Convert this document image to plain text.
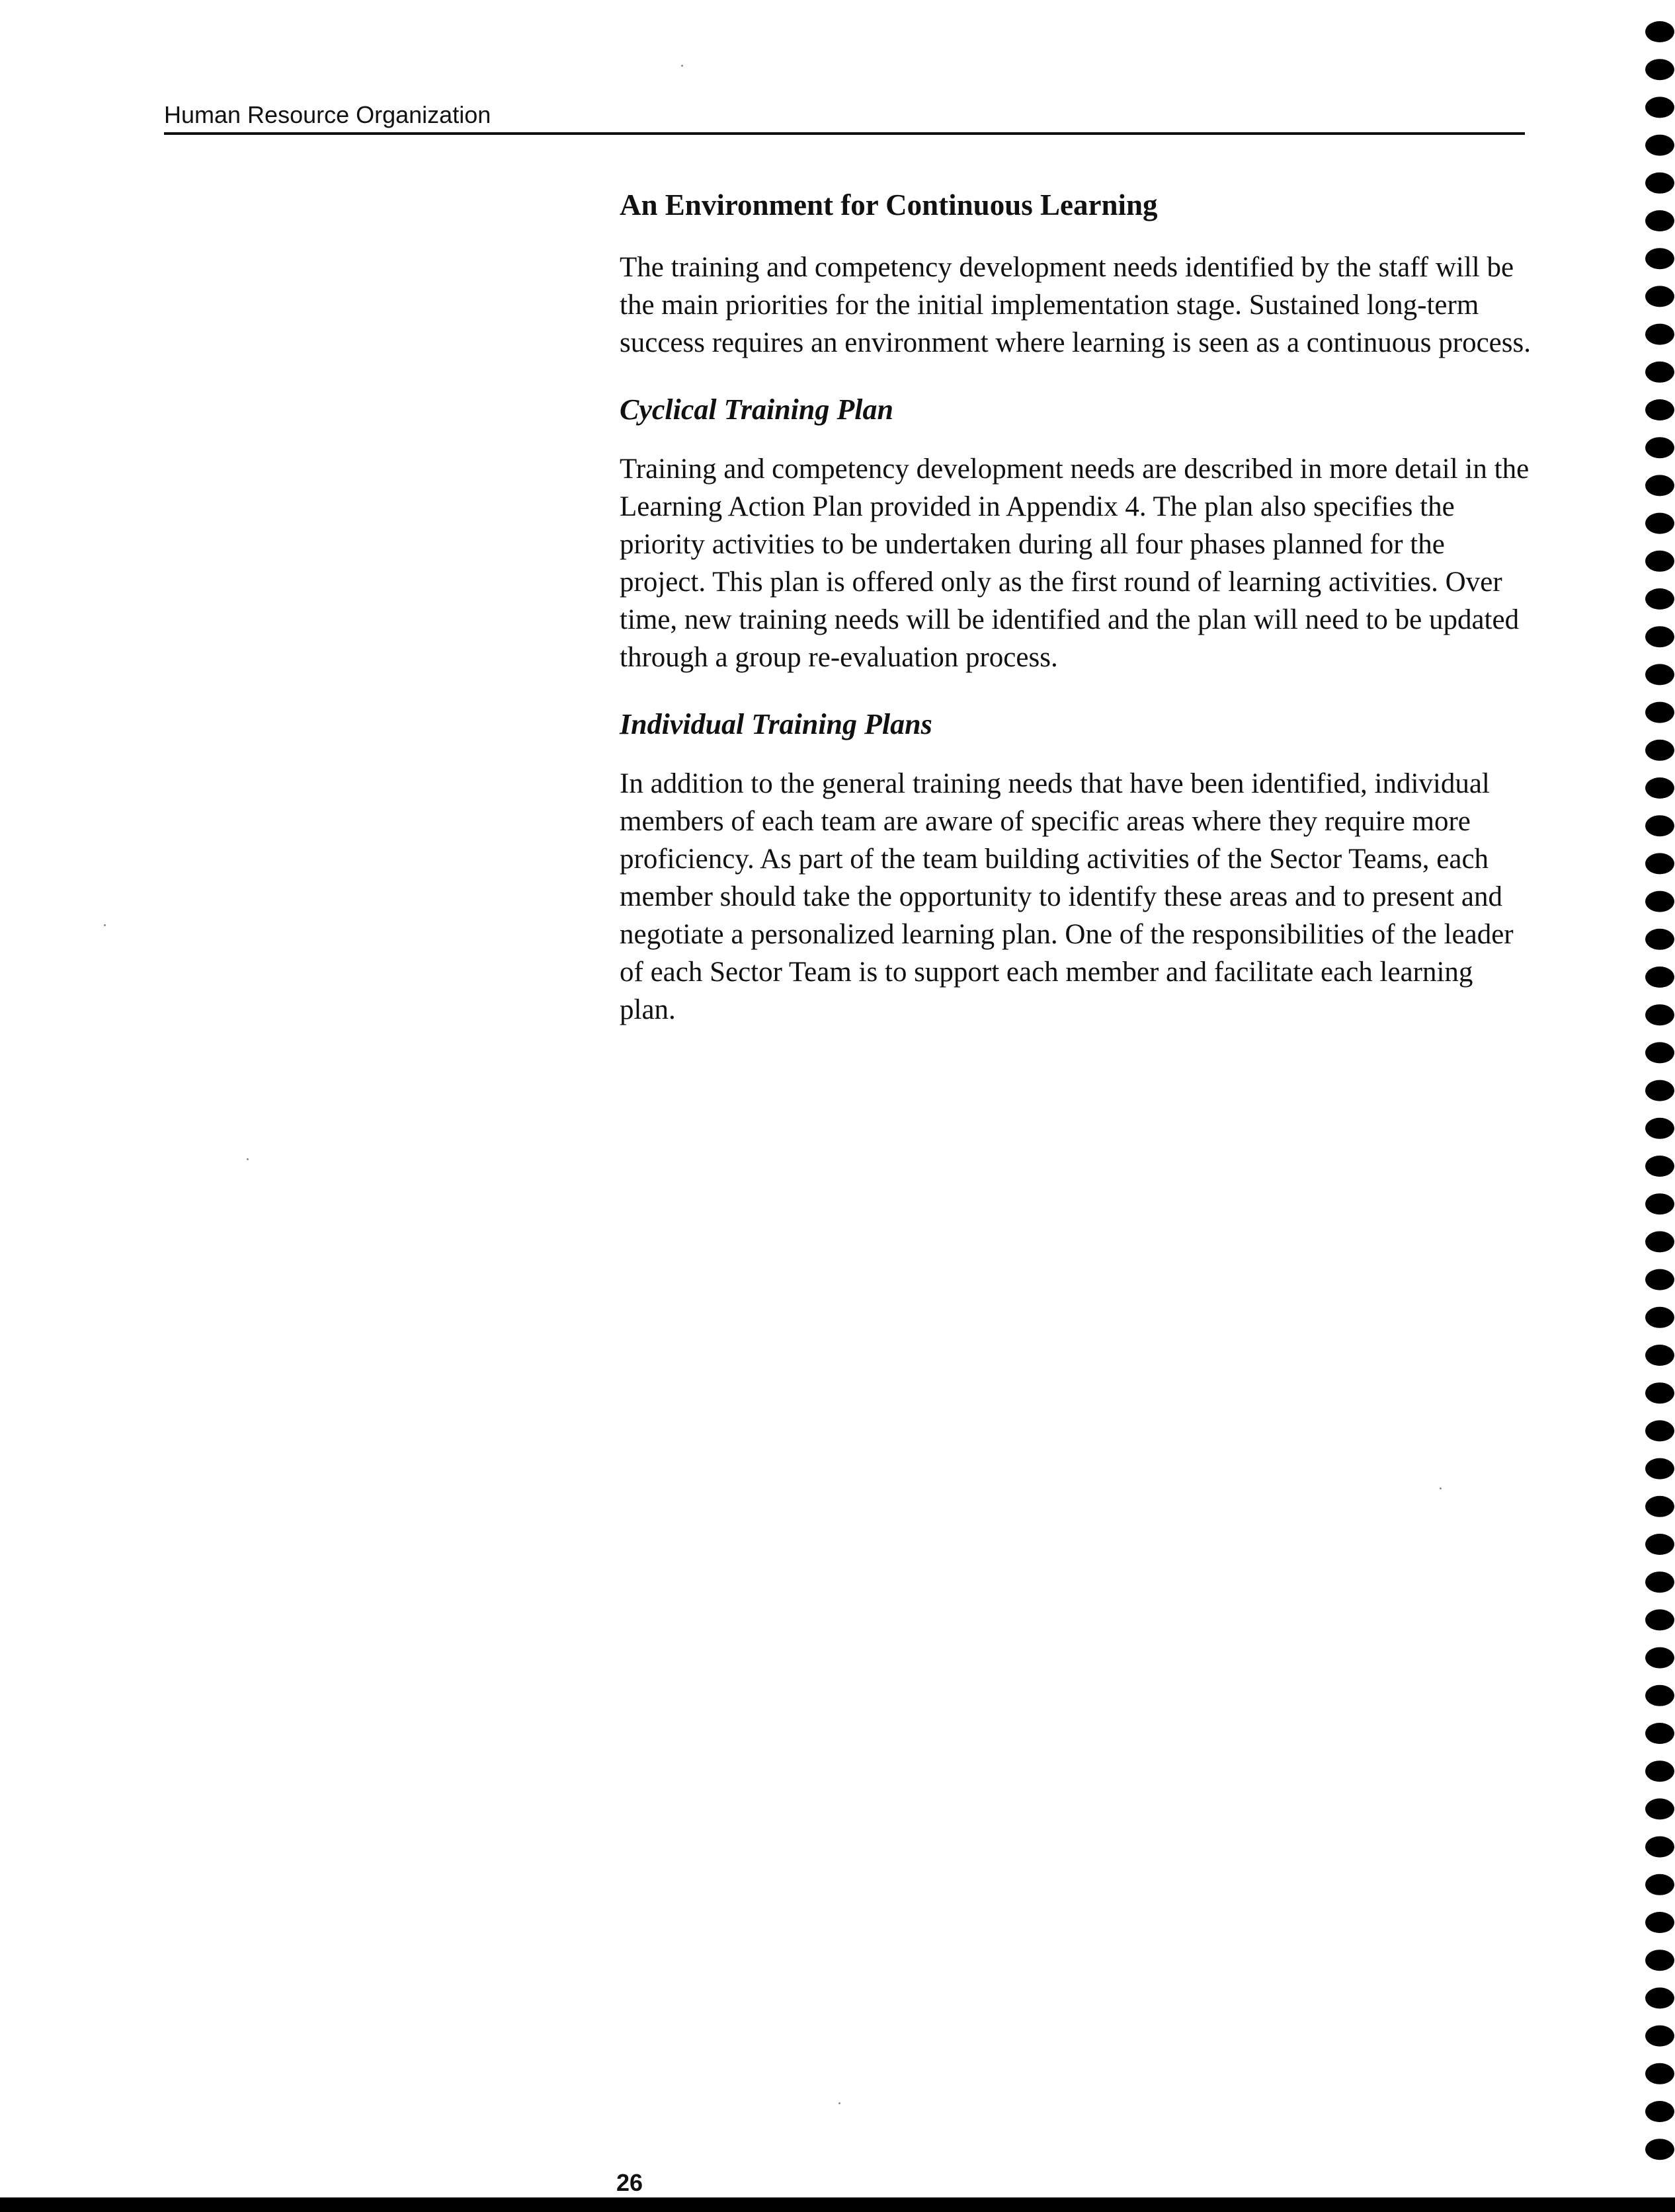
Human Resource Organization
An Environment for Continuous Learning

The training and competency development needs identified by the staff will be the main priorities for the initial implementation stage. Sustained long-term success requires an environment where learning is seen as a continuous process.

Cyclical Training Plan

Training and competency development needs are described in more detail in the Learning Action Plan provided in Appendix 4. The plan also specifies the priority activities to be undertaken during all four phases planned for the project. This plan is offered only as the first round of learning activities. Over time, new training needs will be identified and the plan will need to be updated through a group re-evaluation process.

Individual Training Plans

In addition to the general training needs that have been identified, individual members of each team are aware of specific areas where they require more proficiency. As part of the team building activities of the Sector Teams, each member should take the opportunity to identify these areas and to present and negotiate a personalized learning plan. One of the responsibilities of the leader of each Sector Team is to support each member and facilitate each learning plan.

26
